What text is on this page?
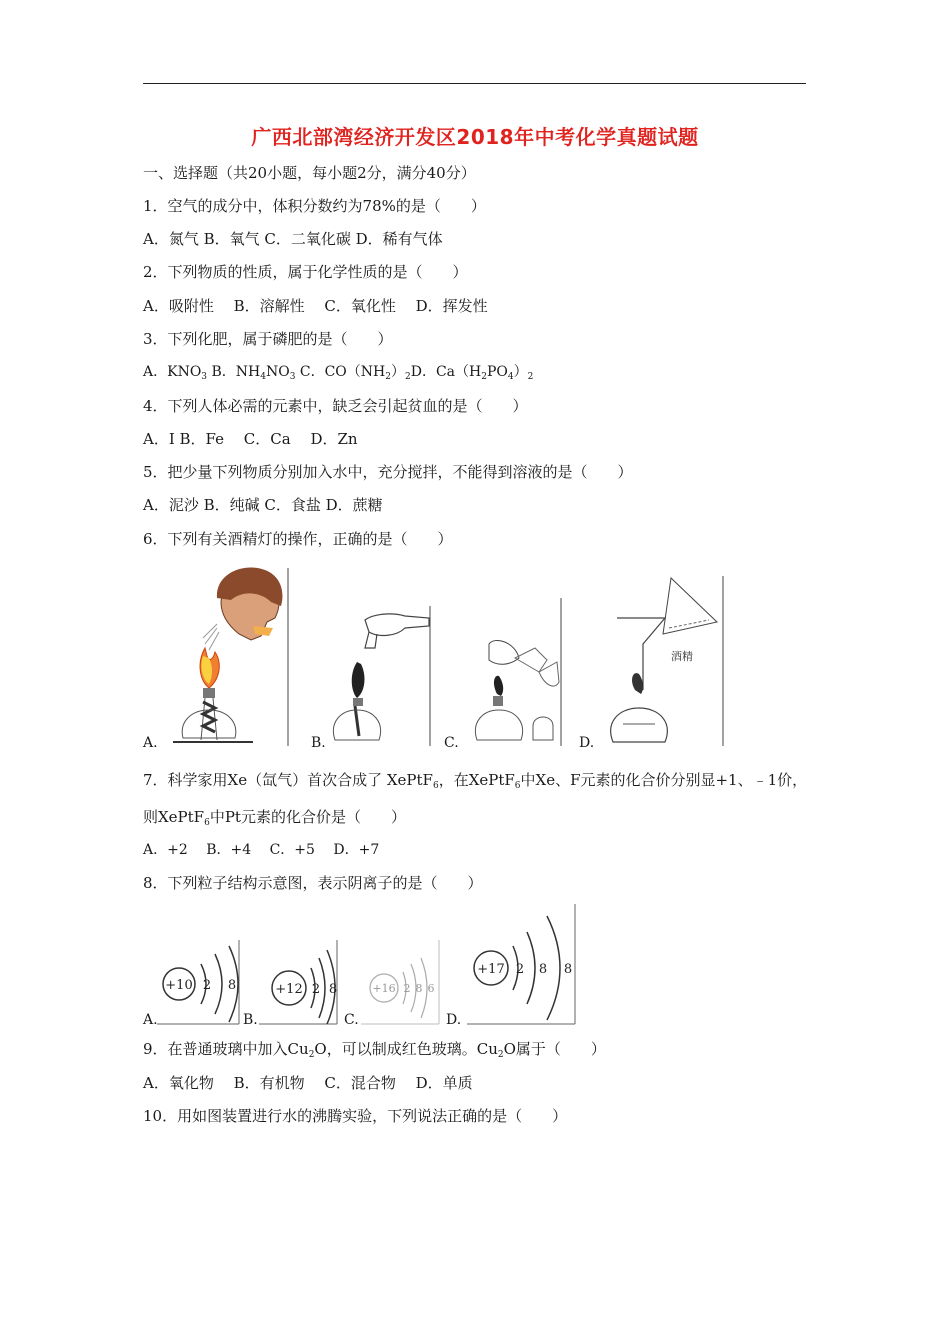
广西北部湾经济开发区2018年中考化学真题试题
一、选择题（共20小题，每小题2分，满分40分）
1．空气的成分中，体积分数约为78%的是（　　）
A．氮气 B．氧气 C．二氧化碳 D．稀有气体
2．下列物质的性质，属于化学性质的是（　　）
A．吸附性　 B．溶解性　 C．氧化性　 D．挥发性
3．下列化肥，属于磷肥的是（　　）
A．$KNO_3$ B．$NH_4NO_3$ C．$CO(NH_2)_2D$．$Ca(H_2PO_4)_2$
4．下列人体必需的元素中，缺乏会引起贫血的是（　　）
A．I B．Fe　 C．Ca　 D．Zn
5．把少量下列物质分别加入水中，充分搅拌，不能得到溶液的是（　　）
A．泥沙 B．纯碱 C．食盐 D．蔗糖
6．下列有关酒精灯的操作，正确的是（　　）
酒精
A.	B.	C.	D.
7．科学家用Xe（氙气）首次合成了 XePtF$_6$，在XePtF$_6$中Xe、F元素的化合价分别显+1、﹣1价，
则XePtF$_6$中Pt元素的化合价是（　　）
A．+2　 B．+4　 C．+5　 D．+7
8．下列粒子结构示意图，表示阴离子的是（　　）
+10 2 8	+12 2 8	+16 2 8 6
+17 2 8 8
A.	B.	C.	D.
9．在普通玻璃中加入$Cu_2O$，可以制成红色玻璃。$Cu_2O$属于（　　）
A．氧化物　 B．有机物　 C．混合物　 D．单质
10．用如图装置进行水的沸腾实验，下列说法正确的是（　　）
